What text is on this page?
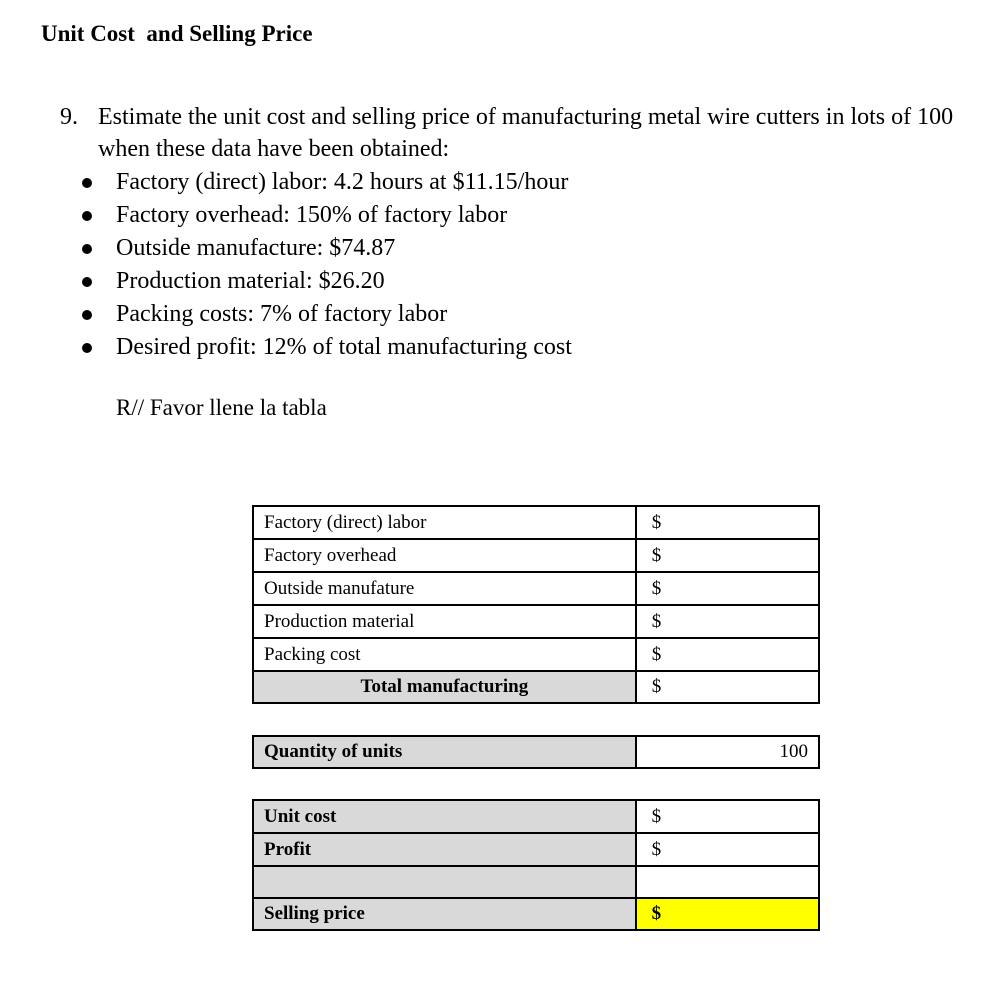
Unit Cost  and Selling Price
9. Estimate the unit cost and selling price of manufacturing metal wire cutters in lots of 100 when these data have been obtained:
Factory (direct) labor: 4.2 hours at $11.15/hour
Factory overhead: 150% of factory labor
Outside manufacture: $74.87
Production material: $26.20
Packing costs: 7% of factory labor
Desired profit: 12% of total manufacturing cost
R// Favor llene la tabla
Factory (direct) labor	$
Factory overhead	$
Outside manufature	$
Production material	$
Packing cost	$
Total manufacturing	$
Quantity of units	100
Unit cost	$
Profit	$

Selling price	$
